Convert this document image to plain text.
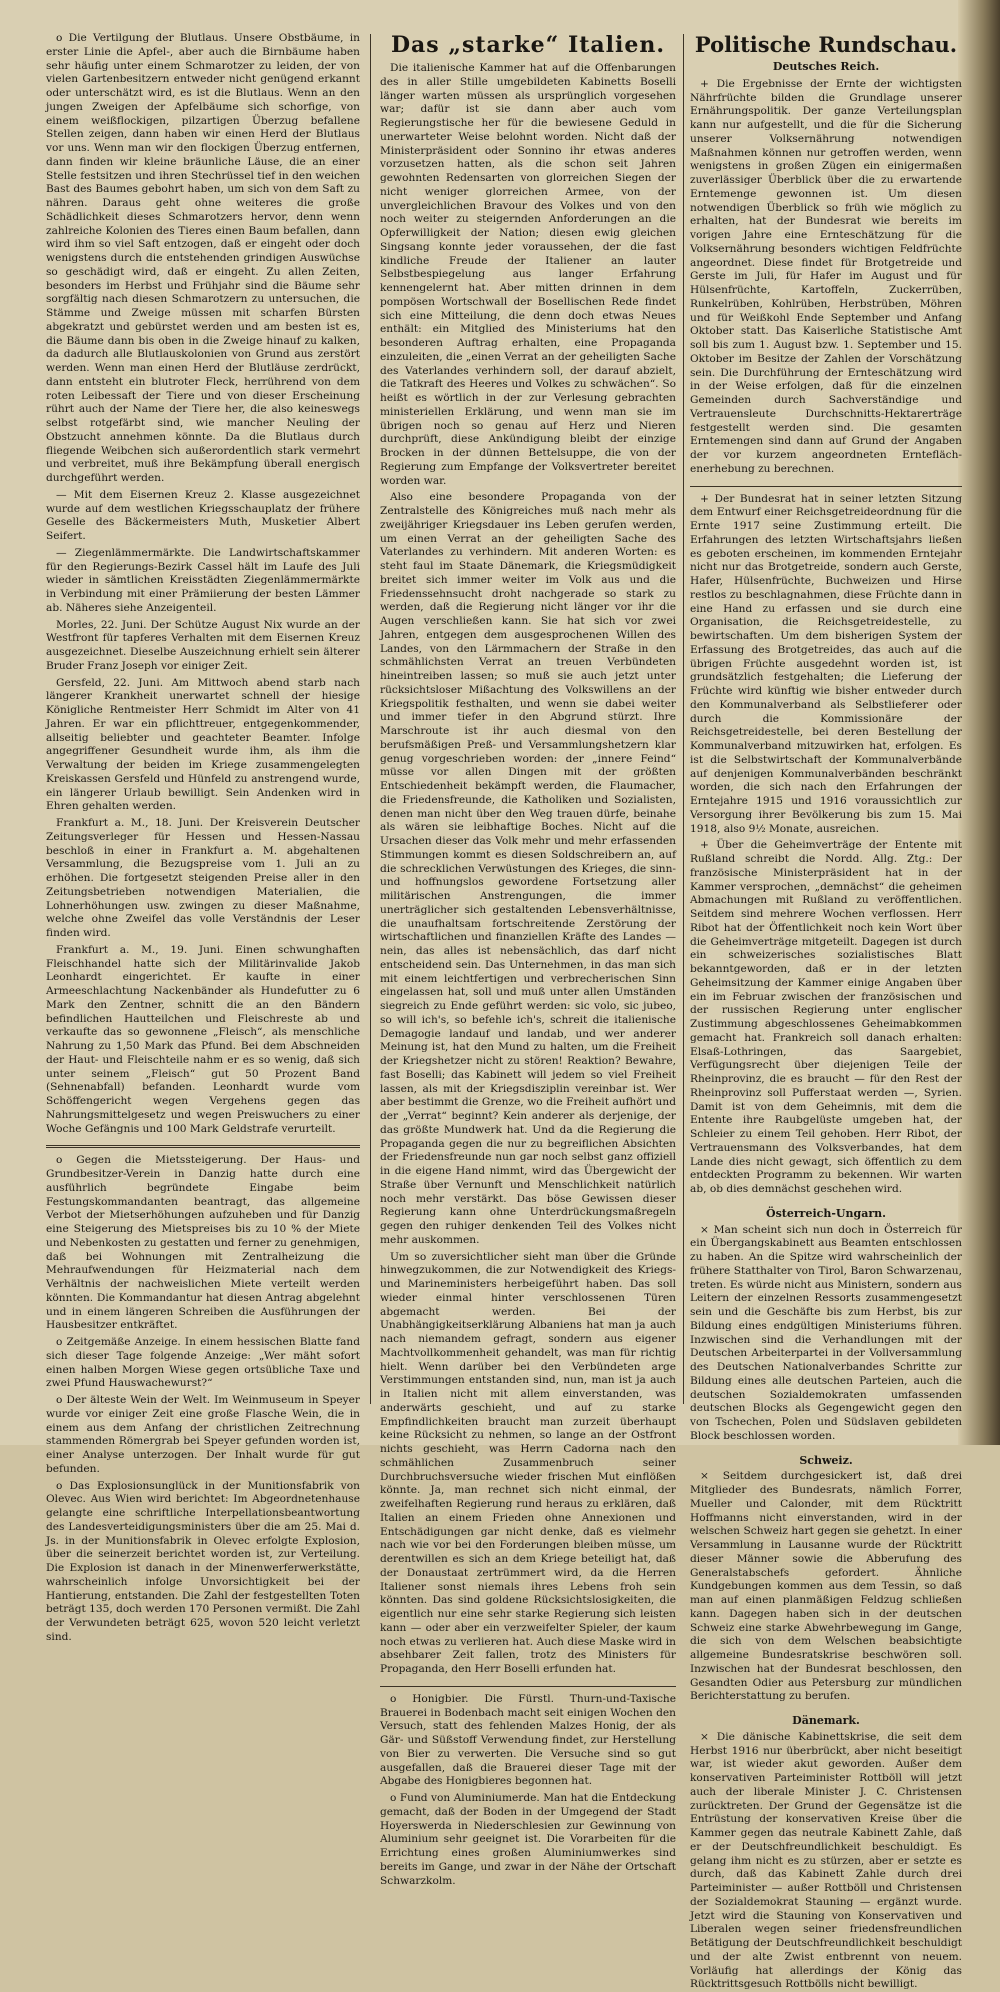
o Die Vertilgung der Blutlaus. Unsere Obstbäume, in erster Linie die Apfel-, aber auch die Birnbäume haben sehr häufig unter einem Schmarotzer zu leiden, der von vielen Gartenbesitzern entweder nicht genügend erkannt oder unterschätzt wird, es ist die Blutlaus. Wenn an den jungen Zweigen der Apfelbäume sich schorfige, von einem weißflockigen, pilzartigen Überzug befallene Stellen zeigen, dann haben wir einen Herd der Blutlaus vor uns. Wenn man wir den flockigen Überzug entfernen, dann finden wir kleine bräunliche Läuse, die an einer Stelle festsitzen und ihren Stechrüssel tief in den weichen Bast des Baumes gebohrt haben, um sich von dem Saft zu nähren. Daraus geht ohne weiteres die große Schädlichkeit dieses Schmarotzers hervor, denn wenn zahlreiche Kolonien des Tieres einen Baum befallen, dann wird ihm so viel Saft entzogen, daß er eingeht oder doch wenigstens durch die entstehenden grindigen Auswüchse so geschädigt wird, daß er eingeht. Zu allen Zeiten, besonders im Herbst und Frühjahr sind die Bäume sehr sorgfältig nach diesen Schmarotzern zu untersuchen, die Stämme und Zweige müssen mit scharfen Bürsten abgekratzt und gebürstet werden und am besten ist es, die Bäume dann bis oben in die Zweige hinauf zu kalken, da dadurch alle Blutlauskolonien von Grund aus zerstört werden. Wenn man einen Herd der Blutläuse zerdrückt, dann entsteht ein blutroter Fleck, herrührend von dem roten Leibessaft der Tiere und von dieser Erscheinung rührt auch der Name der Tiere her, die also keineswegs selbst rotgefärbt sind, wie mancher Neuling der Obstzucht annehmen könnte. Da die Blutlaus durch fliegende Weibchen sich außerordentlich stark vermehrt und verbreitet, muß ihre Bekämpfung überall energisch durchgeführt werden.

— Mit dem Eisernen Kreuz 2. Klasse ausgezeichnet wurde auf dem westlichen Kriegsschauplatz der frühere Geselle des Bäckermeisters Muth, Musketier Albert Seifert.

— Ziegenlämmermärkte. Die Landwirtschaftskammer für den Regierungs-Bezirk Cassel hält im Laufe des Juli wieder in sämtlichen Kreisstädten Ziegenlämmermärkte in Verbindung mit einer Prämiierung der besten Lämmer ab. Näheres siehe Anzeigenteil.

Morles, 22. Juni. Der Schütze August Nix wurde an der Westfront für tapferes Verhalten mit dem Eisernen Kreuz ausgezeichnet. Dieselbe Auszeichnung erhielt sein älterer Bruder Franz Joseph vor einiger Zeit.

Gersfeld, 22. Juni. Am Mittwoch abend starb nach längerer Krankheit unerwartet schnell der hiesige Königliche Rentmeister Herr Schmidt im Alter von 41 Jahren. Er war ein pflichttreuer, entgegenkommender, allseitig beliebter und geachteter Beamter. Infolge angegriffener Gesundheit wurde ihm, als ihm die Verwaltung der beiden im Kriege zusammengelegten Kreiskassen Gersfeld und Hünfeld zu anstrengend wurde, ein längerer Urlaub bewilligt. Sein Andenken wird in Ehren gehalten werden.

Frankfurt a. M., 18. Juni. Der Kreisverein Deutscher Zeitungsverleger für Hessen und Hessen-Nassau beschloß in einer in Frankfurt a. M. abgehaltenen Versammlung, die Bezugspreise vom 1. Juli an zu erhöhen. Die fortgesetzt steigenden Preise aller in den Zeitungsbetrieben notwendigen Materialien, die Lohnerhöhungen usw. zwingen zu dieser Maßnahme, welche ohne Zweifel das volle Verständnis der Leser finden wird.

Frankfurt a. M., 19. Juni. Einen schwunghaften Fleischhandel hatte sich der Militärinvalide Jakob Leonhardt eingerichtet. Er kaufte in einer Armeeschlachtung Nackenbänder als Hundefutter zu 6 Mark den Zentner, schnitt die an den Bändern befindlichen Hautteilchen und Fleischreste ab und verkaufte das so gewonnene „Fleisch“, als menschliche Nahrung zu 1,50 Mark das Pfund. Bei dem Abschneiden der Haut- und Fleischteile nahm er es so wenig, daß sich unter seinem „Fleisch“ gut 50 Prozent Band (Sehnenabfall) befanden. Leonhardt wurde vom Schöffengericht wegen Vergehens gegen das Nahrungsmittelgesetz und wegen Preiswuchers zu einer Woche Gefängnis und 100 Mark Geldstrafe verurteilt.

o Gegen die Mietssteigerung. Der Haus- und Grundbesitzer-Verein in Danzig hatte durch eine ausführlich begründete Eingabe beim Festungskommandanten beantragt, das allgemeine Verbot der Mietserhöhungen aufzuheben und für Danzig eine Steigerung des Mietspreises bis zu 10 % der Miete und Nebenkosten zu gestatten und ferner zu genehmigen, daß bei Wohnungen mit Zentralheizung die Mehraufwendungen für Heizmaterial nach dem Verhältnis der nachweislichen Miete verteilt werden könnten. Die Kommandantur hat diesen Antrag abgelehnt und in einem längeren Schreiben die Ausführungen der Hausbesitzer entkräftet.

o Zeitgemäße Anzeige. In einem hessischen Blatte fand sich dieser Tage folgende Anzeige: „Wer mäht sofort einen halben Morgen Wiese gegen ortsübliche Taxe und zwei Pfund Hauswachewurst?“

o Der älteste Wein der Welt. Im Weinmuseum in Speyer wurde vor einiger Zeit eine große Flasche Wein, die in einem aus dem Anfang der christlichen Zeitrechnung stammenden Römergrab bei Speyer gefunden worden ist, einer Analyse unterzogen. Der Inhalt wurde für gut befunden.

o Das Explosionsunglück in der Munitionsfabrik von Olevec. Aus Wien wird berichtet: Im Abgeordnetenhause gelangte eine schriftliche Interpellationsbeantwortung des Landesverteidigungsministers über die am 25. Mai d. Js. in der Munitionsfabrik in Olevec erfolgte Explosion, über die seinerzeit berichtet worden ist, zur Verteilung. Die Explosion ist danach in der Minenwerferwerkstätte, wahrscheinlich infolge Unvorsichtigkeit bei der Hantierung, entstanden. Die Zahl der festgestellten Toten beträgt 135, doch werden 170 Personen vermißt. Die Zahl der Verwundeten beträgt 625, wovon 520 leicht verletzt sind.

Das „starke“ Italien.

Die italienische Kammer hat auf die Offenbarungen des in aller Stille umgebildeten Kabinetts Boselli länger warten müssen als ursprünglich vorgesehen war; dafür ist sie dann aber auch vom Regierungstische her für die bewiesene Geduld in unerwarteter Weise belohnt worden. Nicht daß der Ministerpräsident oder Sonnino ihr etwas anderes vorzusetzen hatten, als die schon seit Jahren gewohnten Redensarten von glorreichen Siegen der nicht weniger glorreichen Armee, von der unvergleichlichen Bravour des Volkes und von den noch weiter zu steigernden Anforderungen an die Opferwilligkeit der Nation; diesen ewig gleichen Singsang konnte jeder voraussehen, der die fast kindliche Freude der Italiener an lauter Selbstbespiegelung aus langer Erfahrung kennengelernt hat. Aber mitten drinnen in dem pompösen Wortschwall der Bosellischen Rede findet sich eine Mitteilung, die denn doch etwas Neues enthält: ein Mitglied des Ministeriums hat den besonderen Auftrag erhalten, eine Propaganda einzuleiten, die „einen Verrat an der geheiligten Sache des Vaterlandes verhindern soll, der darauf abzielt, die Tatkraft des Heeres und Volkes zu schwächen“. So heißt es wörtlich in der zur Verlesung gebrachten ministeriellen Erklärung, und wenn man sie im übrigen noch so genau auf Herz und Nieren durchprüft, diese Ankündigung bleibt der einzige Brocken in der dünnen Bettelsuppe, die von der Regierung zum Empfange der Volksvertreter bereitet worden war.

Also eine besondere Propaganda von der Zentralstelle des Königreiches muß nach mehr als zweijähriger Kriegsdauer ins Leben gerufen werden, um einen Verrat an der geheiligten Sache des Vaterlandes zu verhindern. Mit anderen Worten: es steht faul im Staate Dänemark, die Kriegsmüdigkeit breitet sich immer weiter im Volk aus und die Friedenssehnsucht droht nachgerade so stark zu werden, daß die Regierung nicht länger vor ihr die Augen verschließen kann. Sie hat sich vor zwei Jahren, entgegen dem ausgesprochenen Willen des Landes, von den Lärmmachern der Straße in den schmählichsten Verrat an treuen Verbündeten hineintreiben lassen; so muß sie auch jetzt unter rücksichtsloser Mißachtung des Volkswillens an der Kriegspolitik festhalten, und wenn sie dabei weiter und immer tiefer in den Abgrund stürzt. Ihre Marschroute ist ihr auch diesmal von den berufsmäßigen Preß- und Versammlungshetzern klar genug vorgeschrieben worden: der „innere Feind“ müsse vor allen Dingen mit der größten Entschiedenheit bekämpft werden, die Flaumacher, die Friedensfreunde, die Katholiken und Sozialisten, denen man nicht über den Weg trauen dürfe, beinahe als wären sie leibhaftige Boches. Nicht auf die Ursachen dieser das Volk mehr und mehr erfassenden Stimmungen kommt es diesen Soldschreibern an, auf die schrecklichen Verwüstungen des Krieges, die sinn- und hoffnungslos gewordene Fortsetzung aller militärischen Anstrengungen, die immer unerträglicher sich gestaltenden Lebensverhältnisse, die unaufhaltsam fortschreitende Zerstörung der wirtschaftlichen und finanziellen Kräfte des Landes — nein, das alles ist nebensächlich, das darf nicht entscheidend sein. Das Unternehmen, in das man sich mit einem leichtfertigen und verbrecherischen Sinn eingelassen hat, soll und muß unter allen Umständen siegreich zu Ende geführt werden: sic volo, sic jubeo, so will ich's, so befehle ich's, schreit die italienische Demagogie landauf und landab, und wer anderer Meinung ist, hat den Mund zu halten, um die Freiheit der Kriegshetzer nicht zu stören! Reaktion? Bewahre, fast Boselli; das Kabinett will jedem so viel Freiheit lassen, als mit der Kriegsdisziplin vereinbar ist. Wer aber bestimmt die Grenze, wo die Freiheit aufhört und der „Verrat“ beginnt? Kein anderer als derjenige, der das größte Mundwerk hat. Und da die Regierung die Propaganda gegen die nur zu begreiflichen Absichten der Friedensfreunde nun gar noch selbst ganz offiziell in die eigene Hand nimmt, wird das Übergewicht der Straße über Vernunft und Menschlichkeit natürlich noch mehr verstärkt. Das böse Gewissen dieser Regierung kann ohne Unterdrückungsmaßregeln gegen den ruhiger denkenden Teil des Volkes nicht mehr auskommen.

Um so zuversichtlicher sieht man über die Gründe hinwegzukommen, die zur Notwendigkeit des Kriegs- und Marineministers herbeigeführt haben. Das soll wieder einmal hinter verschlossenen Türen abgemacht werden. Bei der Unabhängigkeitserklärung Albaniens hat man ja auch nach niemandem gefragt, sondern aus eigener Machtvollkommenheit gehandelt, was man für richtig hielt. Wenn darüber bei den Verbündeten arge Verstimmungen entstanden sind, nun, man ist ja auch in Italien nicht mit allem einverstanden, was anderwärts geschieht, und auf zu starke Empfindlichkeiten braucht man zurzeit überhaupt keine Rücksicht zu nehmen, so lange an der Ostfront nichts geschieht, was Herrn Cadorna nach den schmählichen Zusammenbruch seiner Durchbruchsversuche wieder frischen Mut einflößen könnte. Ja, man rechnet sich nicht einmal, der zweifelhaften Regierung rund heraus zu erklären, daß Italien an einem Frieden ohne Annexionen und Entschädigungen gar nicht denke, daß es vielmehr nach wie vor bei den Forderungen bleiben müsse, um derentwillen es sich an dem Kriege beteiligt hat, daß der Donaustaat zertrümmert wird, da die Herren Italiener sonst niemals ihres Lebens froh sein könnten. Das sind goldene Rücksichtslosigkeiten, die eigentlich nur eine sehr starke Regierung sich leisten kann — oder aber ein verzweifelter Spieler, der kaum noch etwas zu verlieren hat. Auch diese Maske wird in absehbarer Zeit fallen, trotz des Ministers für Propaganda, den Herr Boselli erfunden hat.

o Honigbier. Die Fürstl. Thurn-und-Taxische Brauerei in Bodenbach macht seit einigen Wochen den Versuch, statt des fehlenden Malzes Honig, der als Gär- und Süßstoff Verwendung findet, zur Herstellung von Bier zu verwerten. Die Versuche sind so gut ausgefallen, daß die Brauerei dieser Tage mit der Abgabe des Honigbieres begonnen hat.

o Fund von Aluminiumerde. Man hat die Entdeckung gemacht, daß der Boden in der Umgegend der Stadt Hoyerswerda in Niederschlesien zur Gewinnung von Aluminium sehr geeignet ist. Die Vorarbeiten für die Errichtung eines großen Aluminiumwerkes sind bereits im Gange, und zwar in der Nähe der Ortschaft Schwarzkolm.

Politische Rundschau.
Deutsches Reich.

+ Die Ergebnisse der Ernte der wichtigsten Nährfrüchte bilden die Grundlage unserer Ernährungspolitik. Der ganze Verteilungsplan kann nur aufgestellt, und die für die Sicherung unserer Volksernährung notwendigen Maßnahmen können nur getroffen werden, wenn wenigstens in großen Zügen ein einigermaßen zuverlässiger Überblick über die zu erwartende Erntemenge gewonnen ist. Um diesen notwendigen Überblick so früh wie möglich zu erhalten, hat der Bundesrat wie bereits im vorigen Jahre eine Ernteschätzung für die Volksernährung besonders wichtigen Feldfrüchte angeordnet. Diese findet für Brotgetreide und Gerste im Juli, für Hafer im August und für Hülsenfrüchte, Kartoffeln, Zuckerrüben, Runkelrüben, Kohlrüben, Herbstrüben, Möhren und für Weißkohl Ende September und Anfang Oktober statt. Das Kaiserliche Statistische Amt soll bis zum 1. August bzw. 1. September und 15. Oktober im Besitze der Zahlen der Vorschätzung sein. Die Durchführung der Ernteschätzung wird in der Weise erfolgen, daß für die einzelnen Gemeinden durch Sachverständige und Vertrauensleute Durchschnitts-Hektarerträge festgestellt werden sind. Die gesamten Erntemengen sind dann auf Grund der Angaben der vor kurzem angeordneten Ernteflächenerhebung zu berechnen.

+ Der Bundesrat hat in seiner letzten Sitzung dem Entwurf einer Reichsgetreideordnung für die Ernte 1917 seine Zustimmung erteilt. Die Erfahrungen des letzten Wirtschaftsjahrs ließen es geboten erscheinen, im kommenden Erntejahr nicht nur das Brotgetreide, sondern auch Gerste, Hafer, Hülsenfrüchte, Buchweizen und Hirse restlos zu beschlagnahmen, diese Früchte dann in eine Hand zu erfassen und sie durch eine Organisation, die Reichsgetreidestelle, zu bewirtschaften. Um dem bisherigen System der Erfassung des Brotgetreides, das auch auf die übrigen Früchte ausgedehnt worden ist, ist grundsätzlich festgehalten; die Lieferung der Früchte wird künftig wie bisher entweder durch den Kommunalverband als Selbstlieferer oder durch die Kommissionäre der Reichsgetreidestelle, bei deren Bestellung der Kommunalverband mitzuwirken hat, erfolgen. Es ist die Selbstwirtschaft der Kommunalverbände auf denjenigen Kommunalverbänden beschränkt worden, die sich nach den Erfahrungen der Erntejahre 1915 und 1916 voraussichtlich zur Versorgung ihrer Bevölkerung bis zum 15. Mai 1918, also 9½ Monate, ausreichen.

+ Über die Geheimverträge der Entente mit Rußland schreibt die Nordd. Allg. Ztg.: Der französische Ministerpräsident hat in der Kammer versprochen, „demnächst“ die geheimen Abmachungen mit Rußland zu veröffentlichen. Seitdem sind mehrere Wochen verflossen. Herr Ribot hat der Öffentlichkeit noch kein Wort über die Geheimverträge mitgeteilt. Dagegen ist durch ein schweizerisches sozialistisches Blatt bekanntgeworden, daß er in der letzten Geheimsitzung der Kammer einige Angaben über ein im Februar zwischen der französischen und der russischen Regierung unter englischer Zustimmung abgeschlossenes Geheimabkommen gemacht hat. Frankreich soll danach erhalten: Elsaß-Lothringen, das Saargebiet, Verfügungsrecht über diejenigen Teile der Rheinprovinz, die es braucht — für den Rest der Rheinprovinz soll Pufferstaat werden —, Syrien. Damit ist von dem Geheimnis, mit dem die Entente ihre Raubgelüste umgeben hat, der Schleier zu einem Teil gehoben. Herr Ribot, der Vertrauensmann des Volksverbandes, hat dem Lande dies nicht gewagt, sich öffentlich zu dem entdeckten Programm zu bekennen. Wir warten ab, ob dies demnächst geschehen wird.

Österreich-Ungarn.

× Man scheint sich nun doch in Österreich für ein Übergangskabinett aus Beamten entschlossen zu haben. An die Spitze wird wahrscheinlich der frühere Statthalter von Tirol, Baron Schwarzenau, treten. Es würde nicht aus Ministern, sondern aus Leitern der einzelnen Ressorts zusammengesetzt sein und die Geschäfte bis zum Herbst, bis zur Bildung eines endgültigen Ministeriums führen. Inzwischen sind die Verhandlungen mit der Deutschen Arbeiterpartei in der Vollversammlung des Deutschen Nationalverbandes Schritte zur Bildung eines alle deutschen Parteien, auch die deutschen Sozialdemokraten umfassenden deutschen Blocks als Gegengewicht gegen den von Tschechen, Polen und Südslaven gebildeten Block beschlossen worden.

Schweiz.

× Seitdem durchgesickert ist, daß drei Mitglieder des Bundesrats, nämlich Forrer, Mueller und Calonder, mit dem Rücktritt Hoffmanns nicht einverstanden, wird in der welschen Schweiz hart gegen sie gehetzt. In einer Versammlung in Lausanne wurde der Rücktritt dieser Männer sowie die Abberufung des Generalstabschefs gefordert. Ähnliche Kundgebungen kommen aus dem Tessin, so daß man auf einen planmäßigen Feldzug schließen kann. Dagegen haben sich in der deutschen Schweiz eine starke Abwehrbewegung im Gange, die sich von dem Welschen beabsichtigte allgemeine Bundesratskrise beschwören soll. Inzwischen hat der Bundesrat beschlossen, den Gesandten Odier aus Petersburg zur mündlichen Berichterstattung zu berufen.

Dänemark.

× Die dänische Kabinettskrise, die seit dem Herbst 1916 nur überbrückt, aber nicht beseitigt war, ist wieder akut geworden. Außer dem konservativen Parteiminister Rottböll will jetzt auch der liberale Minister J. C. Christensen zurücktreten. Der Grund der Gegensätze ist die Entrüstung der konservativen Kreise über die Kammer gegen das neutrale Kabinett Zahle, daß er der Deutschfreundlichkeit beschuldigt. Es gelang ihm nicht es zu stürzen, aber er setzte es durch, daß das Kabinett Zahle durch drei Parteiminister — außer Rottböll und Christensen der Sozialdemokrat Stauning — ergänzt wurde. Jetzt wird die Stauning von Konservativen und Liberalen wegen seiner friedensfreundlichen Betätigung der Deutschfreundlichkeit beschuldigt und der alte Zwist entbrennt von neuem. Vorläufig hat allerdings der König das Rücktrittsgesuch Rottbölls nicht bewilligt.
